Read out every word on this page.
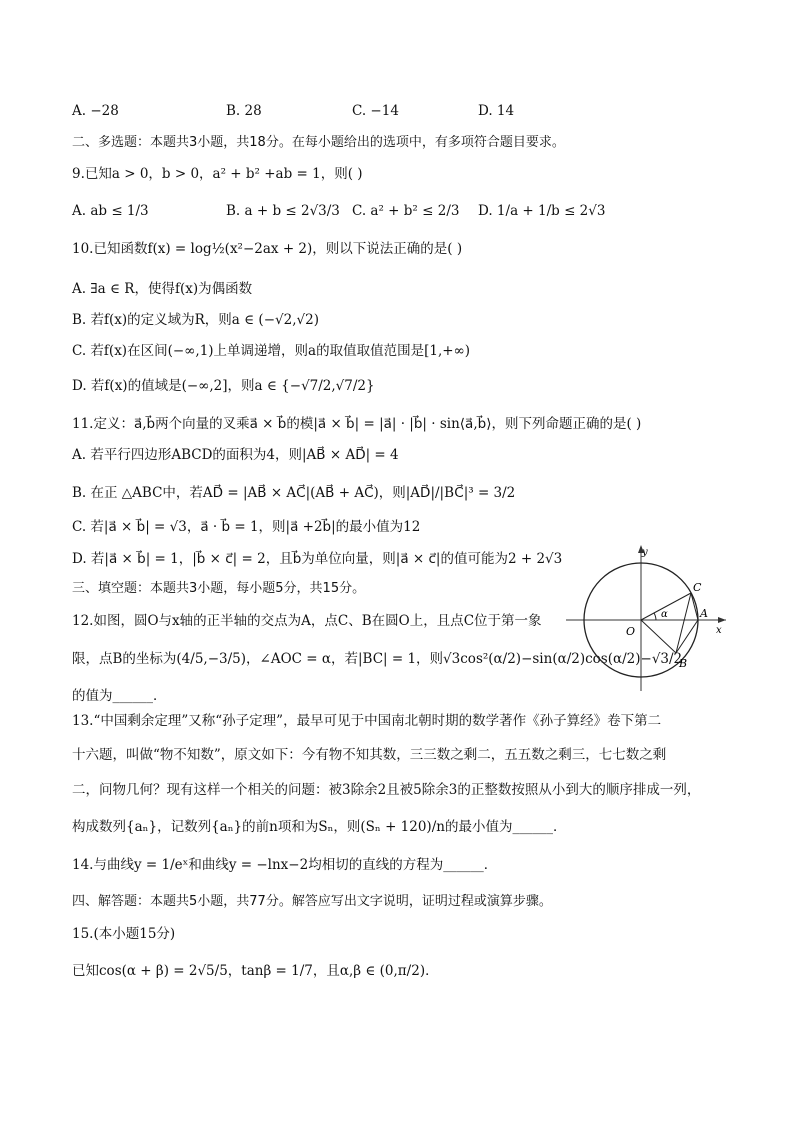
A. −28	B. 28	C. −14	D. 14
二、多选题：本题共3小题，共18分。在每小题给出的选项中，有多项符合题目要求。
9.已知a > 0，b > 0，a² + b² +ab = 1，则( )
A. ab ≤ 1/3	B. a + b ≤ 2√3/3 C. a² + b² ≤ 2/3 D. 1/a + 1/b ≤ 2√3
10.已知函数f(x) = log½(x²−2ax + 2)，则以下说法正确的是( )
A. ∃a ∈ R，使得f(x)为偶函数
B. 若f(x)的定义域为R，则a ∈ (−√2,√2)
C. 若f(x)在区间(−∞,1)上单调递增，则a的取值取值范围是[1,+∞)
D. 若f(x)的值域是(−∞,2]，则a ∈ {−√7/2,√7/2}
11.定义：a⃗,b⃗两个向量的叉乘a⃗ × b⃗的模|a⃗ × b⃗| = |a⃗| · |b⃗| · sin⟨a⃗,b⃗⟩，则下列命题正确的是( )
A. 若平行四边形ABCD的面积为4，则|AB⃗ × AD⃗| = 4
B. 在正 △ABC中，若AD⃗ = |AB⃗ × AC⃗|(AB⃗ + AC⃗)，则|AD⃗|/|BC⃗|³ = 3/2
C. 若|a⃗ × b⃗| = √3，a⃗ · b⃗ = 1，则|a⃗ +2b⃗|的最小值为12
D. 若|a⃗ × b⃗| = 1，|b⃗ × c⃗| = 2，且b⃗为单位向量，则|a⃗ × c⃗|的值可能为2 + 2√3
三、填空题：本题共3小题，每小题5分，共15分。
12.如图，圆O与x轴的正半轴的交点为A，点C、B在圆O上，且点C位于第一象
限，点B的坐标为(4/5,−3/5)，∠AOC = α，若|BC| = 1，则√3cos²(α/2)−sin(α/2)cos(α/2)−√3/2
的值为______．
y
x
O
A
B
C
α
13.“中国剩余定理”又称“孙子定理”，最早可见于中国南北朝时期的数学著作《孙子算经》卷下第二
十六题，叫做“物不知数”，原文如下：今有物不知其数，三三数之剩二，五五数之剩三，七七数之剩
二，问物几何？现有这样一个相关的问题：被3除余2且被5除余3的正整数按照从小到大的顺序排成一列，
构成数列{aₙ}，记数列{aₙ}的前n项和为Sₙ，则(Sₙ + 120)/n的最小值为______．
14.与曲线y = 1/eˣ和曲线y = −lnx−2均相切的直线的方程为______．
四、解答题：本题共5小题，共77分。解答应写出文字说明，证明过程或演算步骤。
15.(本小题15分)
已知cos(α + β) = 2√5/5，tanβ = 1/7，且α,β ∈ (0,π/2)．
